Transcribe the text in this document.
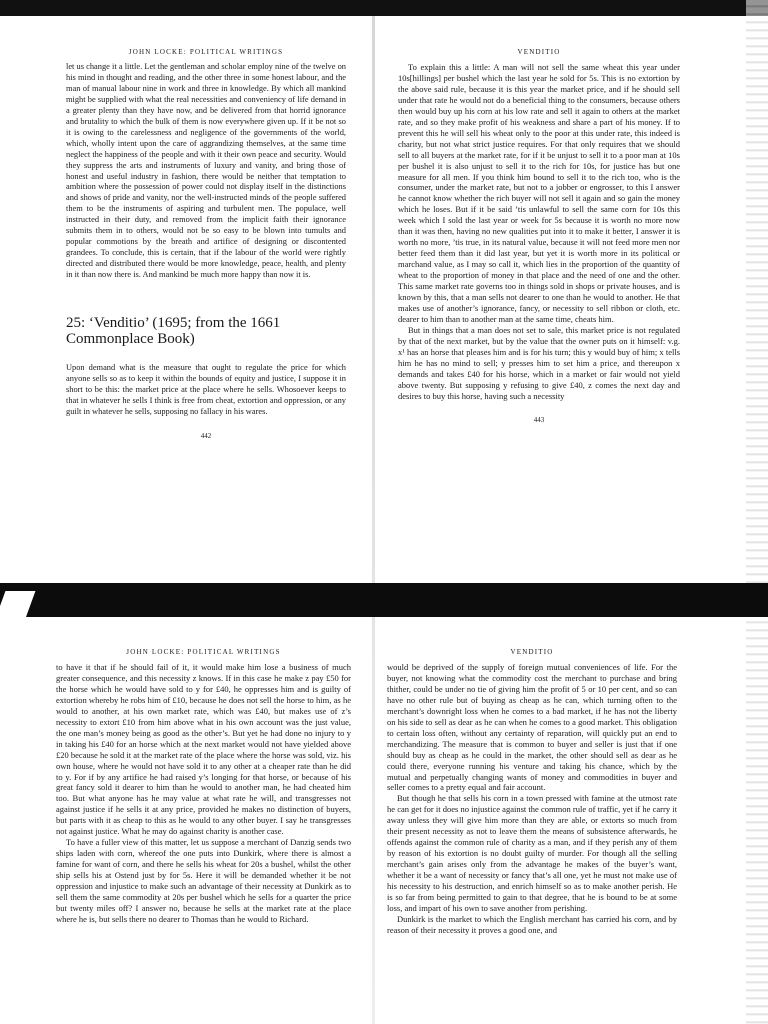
JOHN LOCKE: POLITICAL WRITINGS

let us change it a little. Let the gentleman and scholar employ nine of the twelve on his mind in thought and reading, and the other three in some honest labour, and the man of manual labour nine in work and three in knowledge. By which all mankind might be supplied with what the real necessities and conveniency of life demand in a greater plenty than they have now, and be delivered from that horrid ignorance and brutality to which the bulk of them is now everywhere given up. If it be not so it is owing to the carelessness and negligence of the governments of the world, which, wholly intent upon the care of aggrandizing themselves, at the same time neglect the happiness of the people and with it their own peace and security. Would they suppress the arts and instruments of luxury and vanity, and bring those of honest and useful industry in fashion, there would be neither that temptation to ambition where the possession of power could not display itself in the distinctions and shows of pride and vanity, nor the well-instructed minds of the people suffered them to be the instruments of aspiring and turbulent men. The populace, well instructed in their duty, and removed from the implicit faith their ignorance submits them in to others, would not be so easy to be blown into tumults and popular commotions by the breath and artifice of designing or discontented grandees. To conclude, this is certain, that if the labour of the world were rightly directed and distributed there would be more knowledge, peace, health, and plenty in it than now there is. And mankind be much more happy than now it is.

25: ‘Venditio’ (1695; from the 1661 Commonplace Book)

Upon demand what is the measure that ought to regulate the price for which anyone sells so as to keep it within the bounds of equity and justice, I suppose it in short to be this: the market price at the place where he sells. Whosoever keeps to that in whatever he sells I think is free from cheat, extortion and oppression, or any guilt in whatever he sells, supposing no fallacy in his wares.

442
VENDITIO

To explain this a little: A man will not sell the same wheat this year under 10s[hillings] per bushel which the last year he sold for 5s. This is no extortion by the above said rule, because it is this year the market price, and if he should sell under that rate he would not do a beneficial thing to the consumers, because others then would buy up his corn at his low rate and sell it again to others at the market rate, and so they make profit of his weakness and share a part of his money. If to prevent this he will sell his wheat only to the poor at this under rate, this indeed is charity, but not what strict justice requires. For that only requires that we should sell to all buyers at the market rate, for if it be unjust to sell it to a poor man at 10s per bushel it is also unjust to sell it to the rich for 10s, for justice has but one measure for all men. If you think him bound to sell it to the rich too, who is the consumer, under the market rate, but not to a jobber or engrosser, to this I answer he cannot know whether the rich buyer will not sell it again and so gain the money which he loses. But if it be said ’tis unlawful to sell the same corn for 10s this week which I sold the last year or week for 5s because it is worth no more now than it was then, having no new qualities put into it to make it better, I answer it is worth no more, ’tis true, in its natural value, because it will not feed more men nor better feed them than it did last year, but yet it is worth more in its political or marchand value, as I may so call it, which lies in the proportion of the quantity of wheat to the proportion of money in that place and the need of one and the other. This same market rate governs too in things sold in shops or private houses, and is known by this, that a man sells not dearer to one than he would to another. He that makes use of another’s ignorance, fancy, or necessity to sell ribbon or cloth, etc. dearer to him than to another man at the same time, cheats him.

But in things that a man does not set to sale, this market price is not regulated by that of the next market, but by the value that the owner puts on it himself: v.g. x¹ has an horse that pleases him and is for his turn; this y would buy of him; x tells him he has no mind to sell; y presses him to set him a price, and thereupon x demands and takes £40 for his horse, which in a market or fair would not yield above twenty. But supposing y refusing to give £40, z comes the next day and desires to buy this horse, having such a necessity

443
JOHN LOCKE: POLITICAL WRITINGS

to have it that if he should fail of it, it would make him lose a business of much greater consequence, and this necessity z knows. If in this case he make z pay £50 for the horse which he would have sold to y for £40, he oppresses him and is guilty of extortion whereby he robs him of £10, because he does not sell the horse to him, as he would to another, at his own market rate, which was £40, but makes use of z’s necessity to extort £10 from him above what in his own account was the just value, the one man’s money being as good as the other’s. But yet he had done no injury to y in taking his £40 for an horse which at the next market would not have yielded above £20 because he sold it at the market rate of the place where the horse was sold, viz. his own house, where he would not have sold it to any other at a cheaper rate than he did to y. For if by any artifice he had raised y’s longing for that horse, or because of his great fancy sold it dearer to him than he would to another man, he had cheated him too. But what anyone has he may value at what rate he will, and transgresses not against justice if he sells it at any price, provided he makes no distinction of buyers, but parts with it as cheap to this as he would to any other buyer. I say he transgresses not against justice. What he may do against charity is another case.

To have a fuller view of this matter, let us suppose a merchant of Danzig sends two ships laden with corn, whereof the one puts into Dunkirk, where there is almost a famine for want of corn, and there he sells his wheat for 20s a bushel, whilst the other ship sells his at Ostend just by for 5s. Here it will be demanded whether it be not oppression and injustice to make such an advantage of their necessity at Dunkirk as to sell them the same commodity at 20s per bushel which he sells for a quarter the price but twenty miles off? I answer no, because he sells at the market rate at the place where he is, but sells there no dearer to Thomas than he would to Richard.

VENDITIO

would be deprived of the supply of foreign mutual conveniences of life. For the buyer, not knowing what the commodity cost the merchant to purchase and bring thither, could be under no tie of giving him the profit of 5 or 10 per cent, and so can have no other rule but of buying as cheap as he can, which turning often to the merchant’s downright loss when he comes to a bad market, if he has not the liberty on his side to sell as dear as he can when he comes to a good market. This obligation to certain loss often, without any certainty of reparation, will quickly put an end to merchandizing. The measure that is common to buyer and seller is just that if one should buy as cheap as he could in the market, the other should sell as dear as he could there, everyone running his venture and taking his chance, which by the mutual and perpetually changing wants of money and commodities in buyer and seller comes to a pretty equal and fair account.

But though he that sells his corn in a town pressed with famine at the utmost rate he can get for it does no injustice against the common rule of traffic, yet if he carry it away unless they will give him more than they are able, or extorts so much from their present necessity as not to leave them the means of subsistence afterwards, he offends against the common rule of charity as a man, and if they perish any of them by reason of his extortion is no doubt guilty of murder. For though all the selling merchant’s gain arises only from the advantage he makes of the buyer’s want, whether it be a want of necessity or fancy that’s all one, yet he must not make use of his necessity to his destruction, and enrich himself so as to make another perish. He is so far from being permitted to gain to that degree, that he is bound to be at some loss, and impart of his own to save another from perishing.

Dunkirk is the market to which the English merchant has carried his corn, and by reason of their necessity it proves a good one, and
